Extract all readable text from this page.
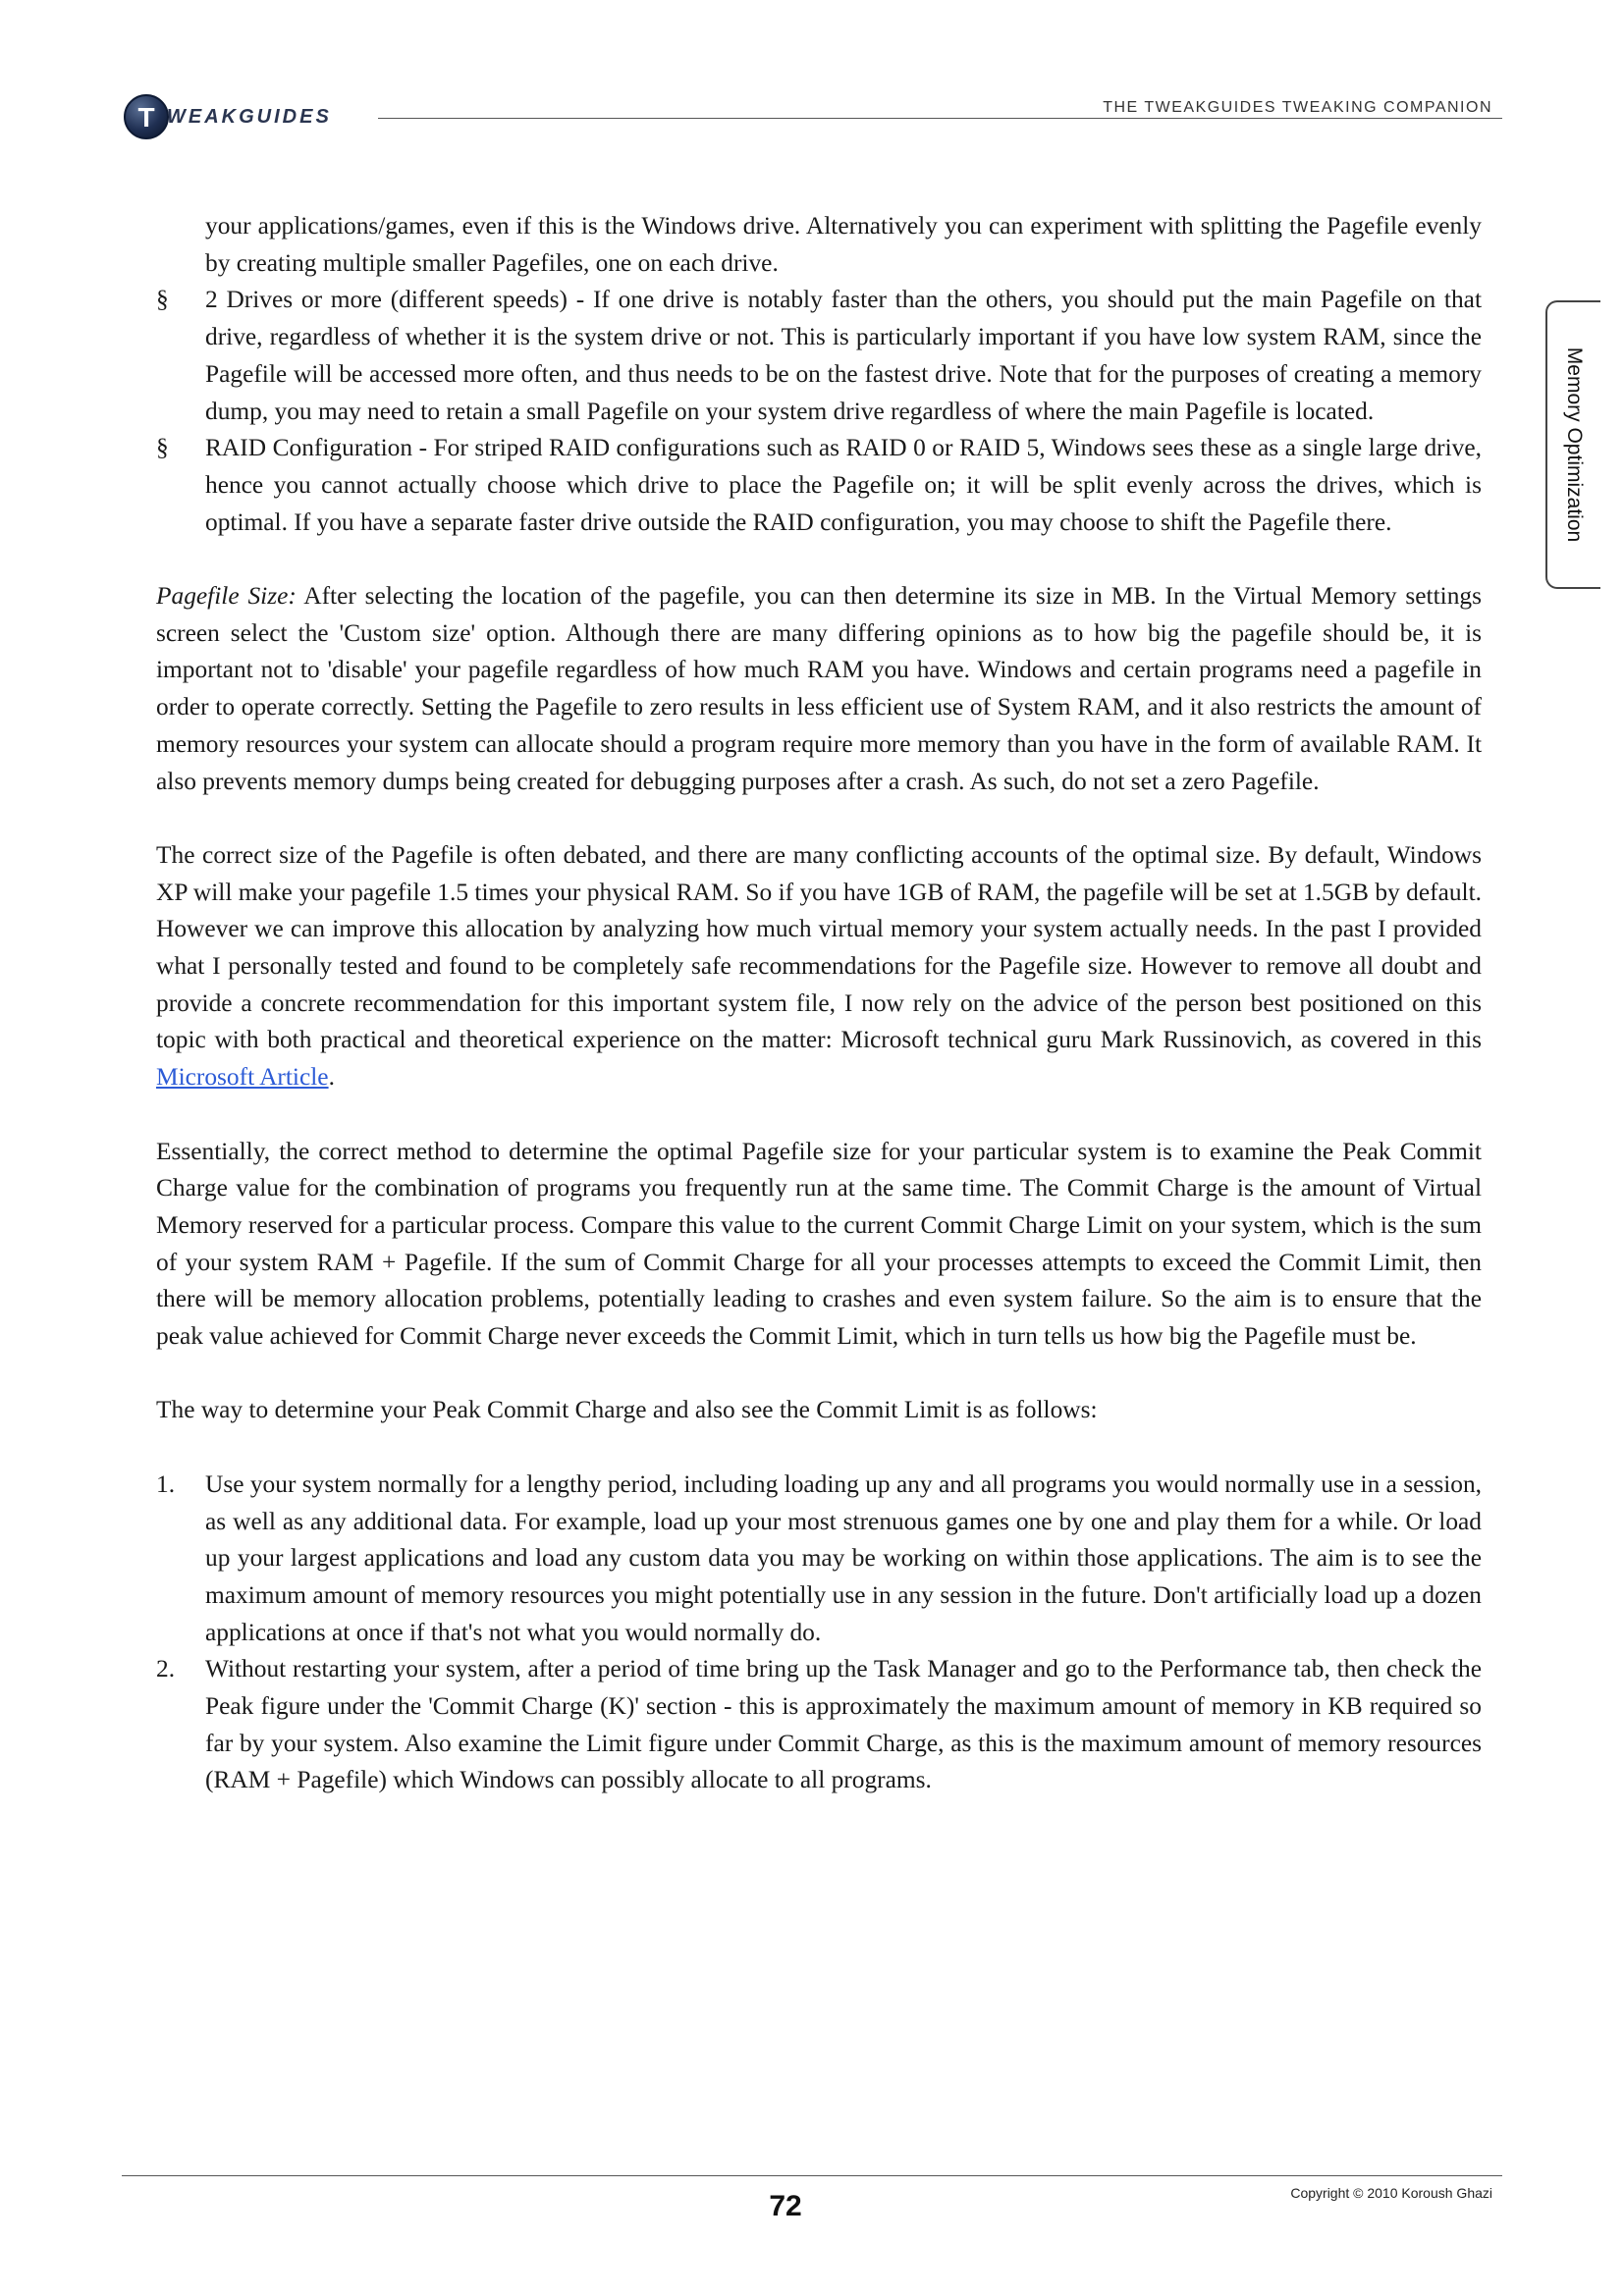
T WEAKGUIDES	THE TWEAKGUIDES TWEAKING COMPANION
Memory Optimization

your applications/games, even if this is the Windows drive. Alternatively you can experiment with splitting the Pagefile evenly by creating multiple smaller Pagefiles, one on each drive.

§ 2 Drives or more (different speeds) - If one drive is notably faster than the others, you should put the main Pagefile on that drive, regardless of whether it is the system drive or not. This is particularly important if you have low system RAM, since the Pagefile will be accessed more often, and thus needs to be on the fastest drive. Note that for the purposes of creating a memory dump, you may need to retain a small Pagefile on your system drive regardless of where the main Pagefile is located.
§ RAID Configuration - For striped RAID configurations such as RAID 0 or RAID 5, Windows sees these as a single large drive, hence you cannot actually choose which drive to place the Pagefile on; it will be split evenly across the drives, which is optimal. If you have a separate faster drive outside the RAID configuration, you may choose to shift the Pagefile there.

Pagefile Size: After selecting the location of the pagefile, you can then determine its size in MB. In the Virtual Memory settings screen select the 'Custom size' option. Although there are many differing opinions as to how big the pagefile should be, it is important not to 'disable' your pagefile regardless of how much RAM you have. Windows and certain programs need a pagefile in order to operate correctly. Setting the Pagefile to zero results in less efficient use of System RAM, and it also restricts the amount of memory resources your system can allocate should a program require more memory than you have in the form of available RAM. It also prevents memory dumps being created for debugging purposes after a crash. As such, do not set a zero Pagefile.

The correct size of the Pagefile is often debated, and there are many conflicting accounts of the optimal size. By default, Windows XP will make your pagefile 1.5 times your physical RAM. So if you have 1GB of RAM, the pagefile will be set at 1.5GB by default. However we can improve this allocation by analyzing how much virtual memory your system actually needs. In the past I provided what I personally tested and found to be completely safe recommendations for the Pagefile size. However to remove all doubt and provide a concrete recommendation for this important system file, I now rely on the advice of the person best positioned on this topic with both practical and theoretical experience on the matter: Microsoft technical guru Mark Russinovich, as covered in this Microsoft Article.

Essentially, the correct method to determine the optimal Pagefile size for your particular system is to examine the Peak Commit Charge value for the combination of programs you frequently run at the same time. The Commit Charge is the amount of Virtual Memory reserved for a particular process. Compare this value to the current Commit Charge Limit on your system, which is the sum of your system RAM + Pagefile. If the sum of Commit Charge for all your processes attempts to exceed the Commit Limit, then there will be memory allocation problems, potentially leading to crashes and even system failure. So the aim is to ensure that the peak value achieved for Commit Charge never exceeds the Commit Limit, which in turn tells us how big the Pagefile must be.

The way to determine your Peak Commit Charge and also see the Commit Limit is as follows:

1. Use your system normally for a lengthy period, including loading up any and all programs you would normally use in a session, as well as any additional data. For example, load up your most strenuous games one by one and play them for a while. Or load up your largest applications and load any custom data you may be working on within those applications. The aim is to see the maximum amount of memory resources you might potentially use in any session in the future. Don't artificially load up a dozen applications at once if that's not what you would normally do.
2. Without restarting your system, after a period of time bring up the Task Manager and go to the Performance tab, then check the Peak figure under the 'Commit Charge (K)' section - this is approximately the maximum amount of memory in KB required so far by your system. Also examine the Limit figure under Commit Charge, as this is the maximum amount of memory resources (RAM + Pagefile) which Windows can possibly allocate to all programs.
72	Copyright © 2010 Koroush Ghazi
